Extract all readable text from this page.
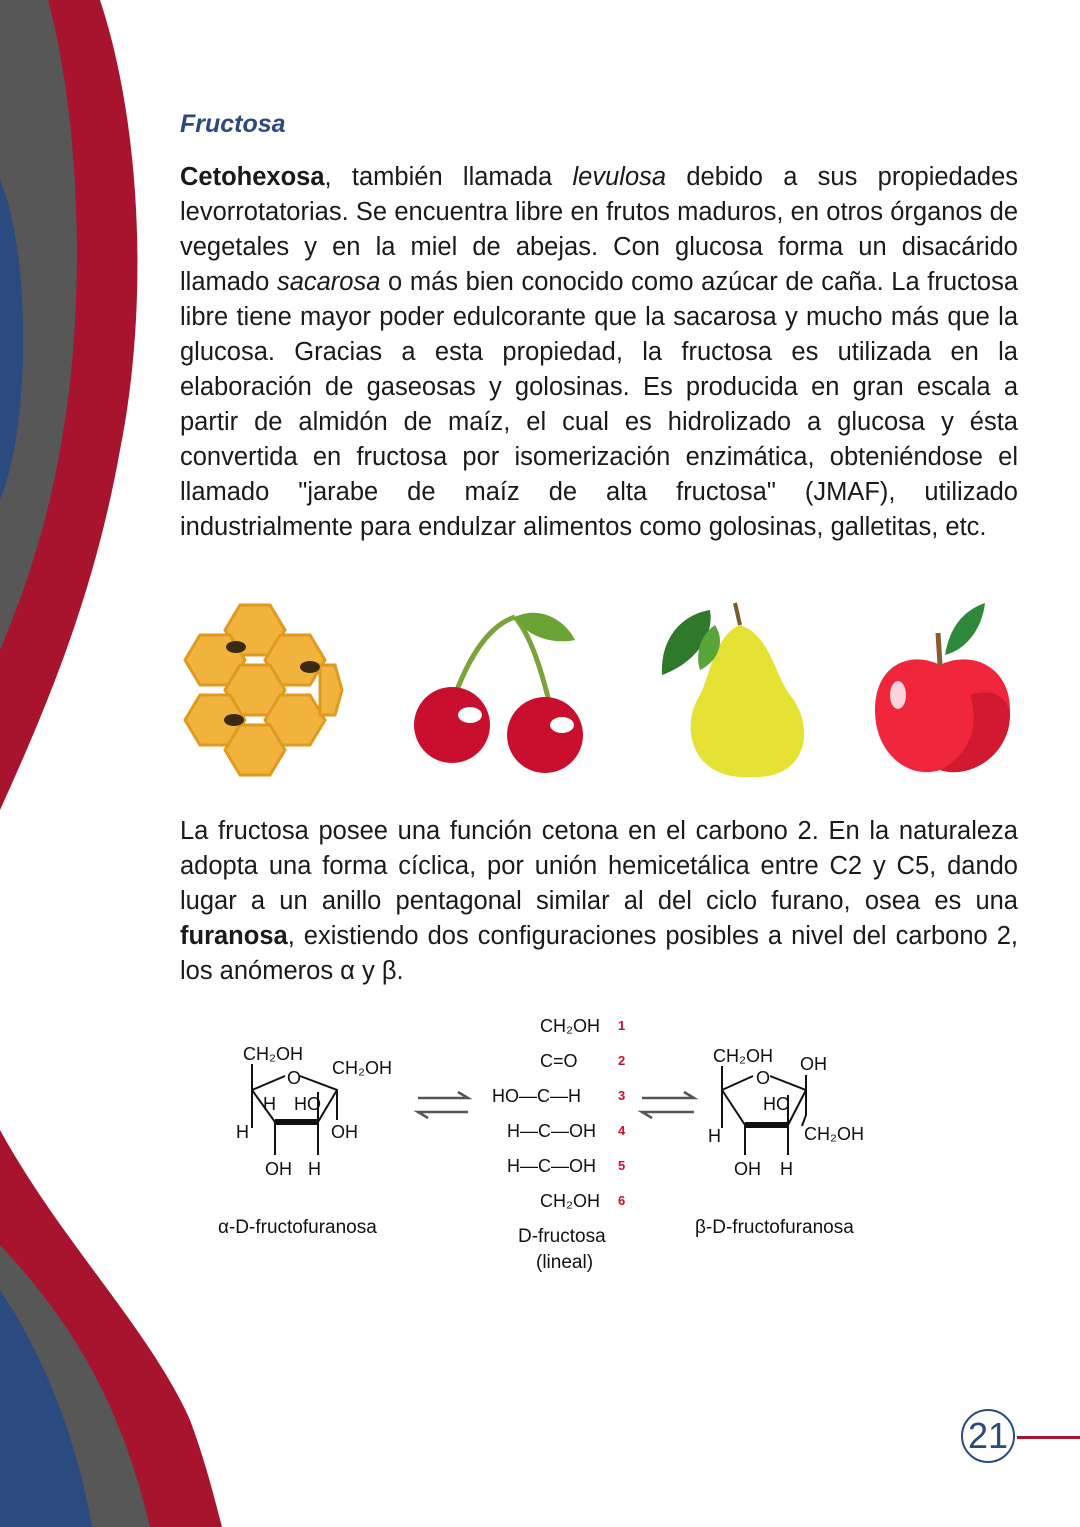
Fructosa

Cetohexosa, también llamada levulosa debido a sus propiedades levorrotatorias. Se encuentra libre en frutos maduros, en otros órganos de vegetales y en la miel de abejas. Con glucosa forma un disacárido llamado sacarosa o más bien conocido como azúcar de caña. La fructosa libre tiene mayor poder edulcorante que la sacarosa y mucho más que la glucosa. Gracias a esta propiedad, la fructosa es utilizada en la elaboración de gaseosas y golosinas. Es producida en gran escala a partir de almidón de maíz, el cual es hidrolizado a glucosa y ésta convertida en fructosa por isomerización enzimática, obteniéndose el llamado "jarabe de maíz de alta fructosa" (JMAF), utilizado industrialmente para endulzar alimentos como golosinas, galletitas, etc.

La fructosa posee una función cetona en el carbono 2. En la naturaleza adopta una forma cíclica, por unión hemicetálica entre C2 y C5, dando lugar a un anillo pentagonal similar al del ciclo furano, osea es una furanosa, existiendo dos configuraciones posibles a nivel del carbono 2, los anómeros α y β.

CH₂OH
CH₂OH
O
H HO
H	OH
OH H
α-D-fructofuranosa
CH₂OH
C=O
HO—C—H
H—C—OH
H—C—OH
CH₂OH
1
2
3
4
5
6
D-fructosa
(lineal)
CH₂OH OH
O
HO
H	CH₂OH
OH H
β-D-fructofuranosa
21
